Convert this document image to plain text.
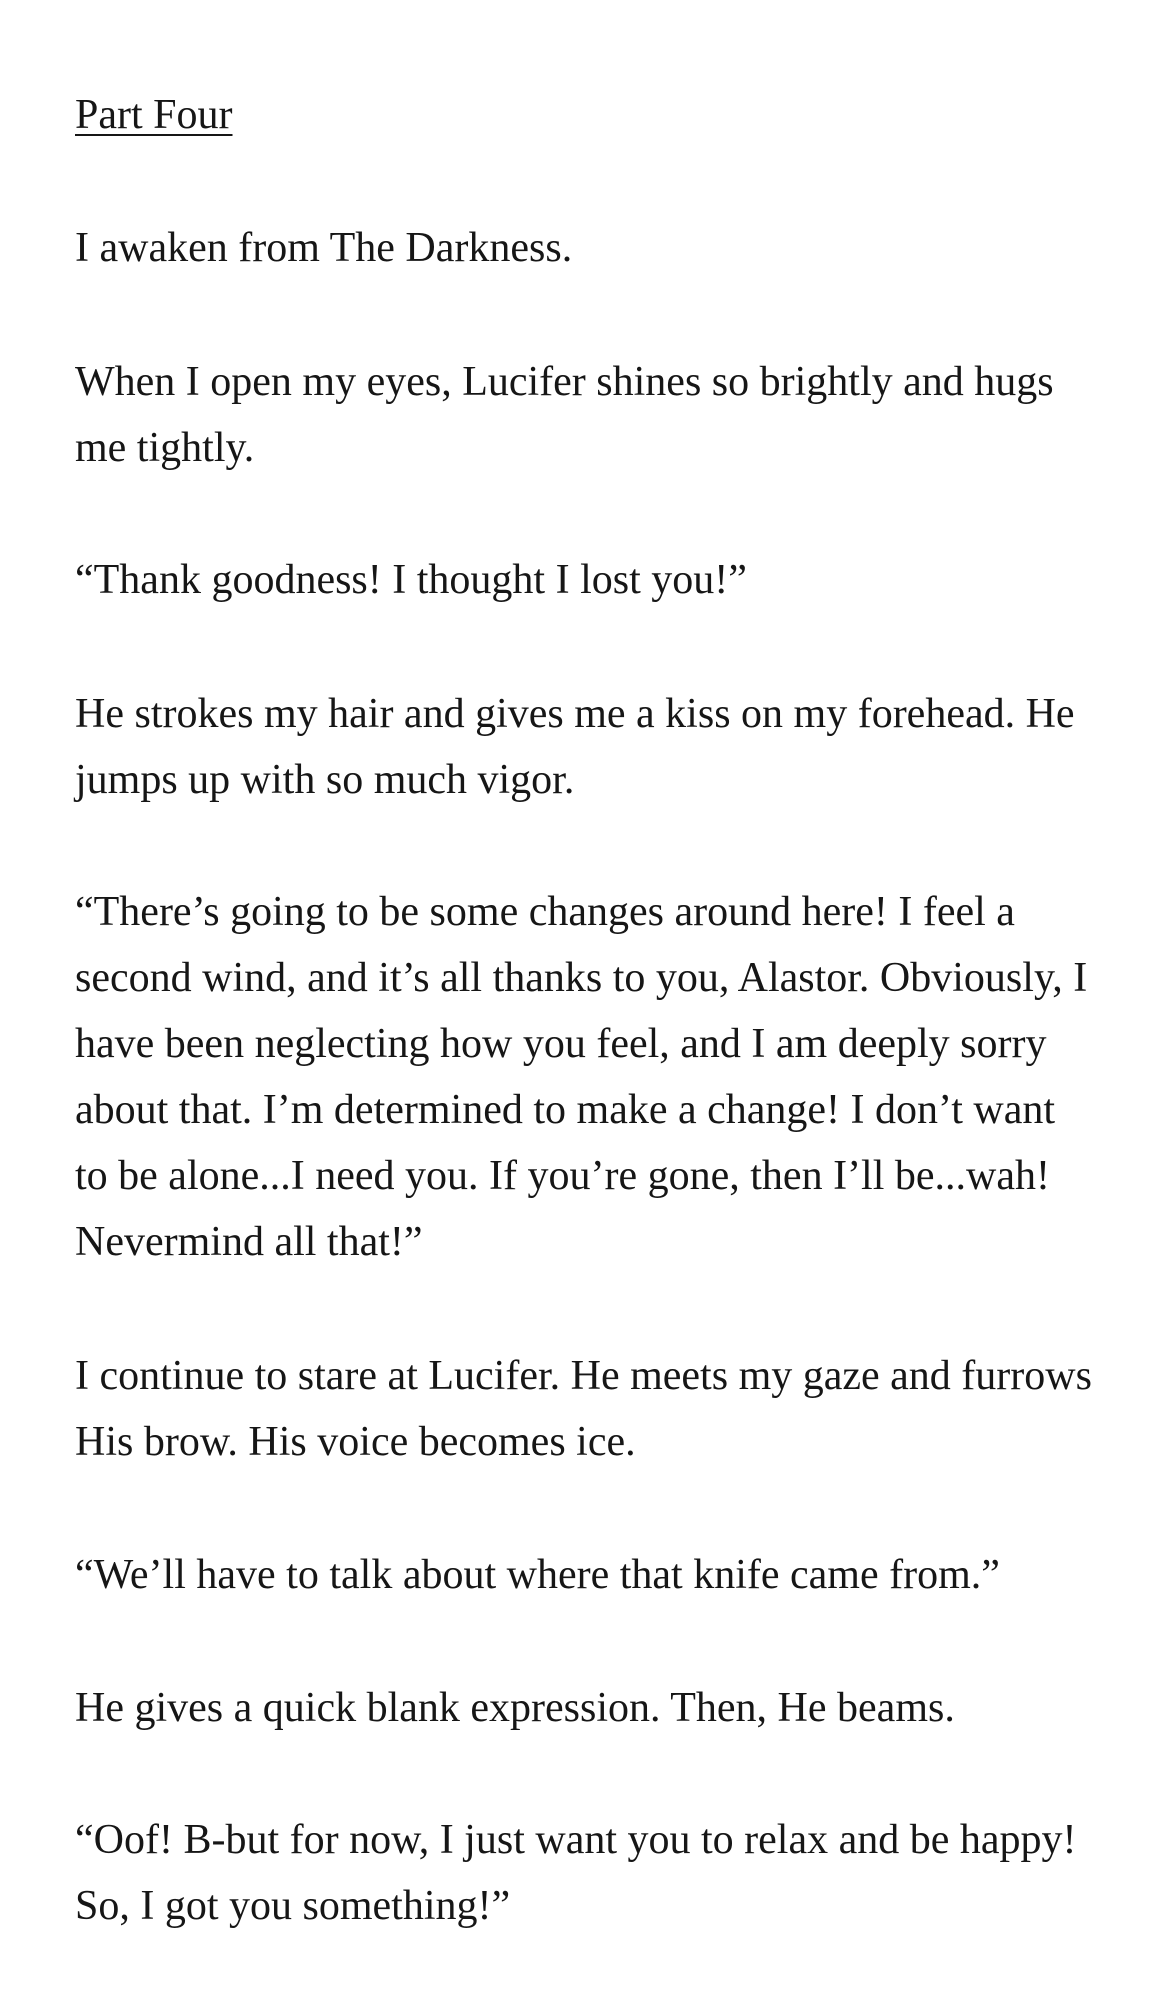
Part Four
I awaken from The Darkness.
When I open my eyes, Lucifer shines so brightly and hugs
me tightly.
“Thank goodness! I thought I lost you!”
He strokes my hair and gives me a kiss on my forehead. He
jumps up with so much vigor.
“There’s going to be some changes around here! I feel a
second wind, and it’s all thanks to you, Alastor. Obviously, I
have been neglecting how you feel, and I am deeply sorry
about that. I’m determined to make a change! I don’t want
to be alone...I need you. If you’re gone, then I’ll be...wah!
Nevermind all that!”
I continue to stare at Lucifer. He meets my gaze and furrows
His brow. His voice becomes ice.
“We’ll have to talk about where that knife came from.”
He gives a quick blank expression. Then, He beams.
“Oof! B-but for now, I just want you to relax and be happy!
So, I got you something!”
